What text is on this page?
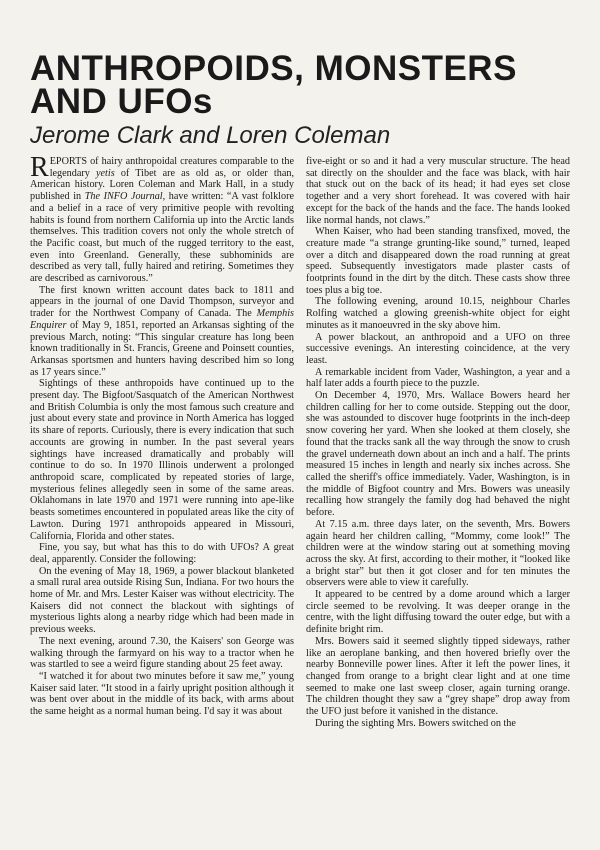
ANTHROPOIDS, MONSTERS
AND UFOs
Jerome Clark and Loren Coleman

REPORTS of hairy anthropoidal creatures comparable to the legendary yetis of Tibet are as old as, or older than, American history. Loren Coleman and Mark Hall, in a study published in The INFO Journal, have written: “A vast folklore and a belief in a race of very primitive people with revolting habits is found from northern California up into the Arctic lands themselves. This tradition covers not only the whole stretch of the Pacific coast, but much of the rugged territory to the east, even into Greenland. Generally, these subhominids are described as very tall, fully haired and retiring. Sometimes they are described as carnivorous.”

The first known written account dates back to 1811 and appears in the journal of one David Thompson, surveyor and trader for the Northwest Company of Canada. The Memphis Enquirer of May 9, 1851, reported an Arkansas sighting of the previous March, noting: “This singular creature has long been known traditionally in St. Francis, Greene and Poinsett counties, Arkansas sportsmen and hunters having described him so long as 17 years since.”

Sightings of these anthropoids have continued up to the present day. The Bigfoot/Sasquatch of the American Northwest and British Columbia is only the most famous such creature and just about every state and province in North America has logged its share of reports. Curiously, there is every indication that such accounts are growing in number. In the past several years sightings have increased dramatically and probably will continue to do so. In 1970 Illinois underwent a prolonged anthropoid scare, complicated by repeated stories of large, mysterious felines allegedly seen in some of the same areas. Oklahomans in late 1970 and 1971 were running into ape-like beasts sometimes encountered in populated areas like the city of Lawton. During 1971 anthropoids appeared in Missouri, California, Florida and other states.

Fine, you say, but what has this to do with UFOs? A great deal, apparently. Consider the following:

On the evening of May 18, 1969, a power blackout blanketed a small rural area outside Rising Sun, Indiana. For two hours the home of Mr. and Mrs. Lester Kaiser was without electricity. The Kaisers did not connect the blackout with sightings of mysterious lights along a nearby ridge which had been made in previous weeks.

The next evening, around 7.30, the Kaisers' son George was walking through the farmyard on his way to a tractor when he was startled to see a weird figure standing about 25 feet away.

“I watched it for about two minutes before it saw me,” young Kaiser said later. “It stood in a fairly upright position although it was bent over about in the middle of its back, with arms about the same height as a normal human being. I'd say it was about

five-eight or so and it had a very muscular structure. The head sat directly on the shoulder and the face was black, with hair that stuck out on the back of its head; it had eyes set close together and a very short forehead. It was covered with hair except for the back of the hands and the face. The hands looked like normal hands, not claws.”

When Kaiser, who had been standing transfixed, moved, the creature made “a strange grunting-like sound,” turned, leaped over a ditch and disappeared down the road running at great speed. Subsequently investigators made plaster casts of footprints found in the dirt by the ditch. These casts show three toes plus a big toe.

The following evening, around 10.15, neighbour Charles Rolfing watched a glowing greenish-white object for eight minutes as it manoeuvred in the sky above him.

A power blackout, an anthropoid and a UFO on three successive evenings. An interesting coincidence, at the very least.

A remarkable incident from Vader, Washington, a year and a half later adds a fourth piece to the puzzle.

On December 4, 1970, Mrs. Wallace Bowers heard her children calling for her to come outside. Stepping out the door, she was astounded to discover huge footprints in the inch-deep snow covering her yard. When she looked at them closely, she found that the tracks sank all the way through the snow to crush the gravel underneath down about an inch and a half. The prints measured 15 inches in length and nearly six inches across. She called the sheriff's office immediately. Vader, Washington, is in the middle of Bigfoot country and Mrs. Bowers was uneasily recalling how strangely the family dog had behaved the night before.

At 7.15 a.m. three days later, on the seventh, Mrs. Bowers again heard her children calling, “Mommy, come look!” The children were at the window staring out at something moving across the sky. At first, according to their mother, it “looked like a bright star” but then it got closer and for ten minutes the observers were able to view it carefully.

It appeared to be centred by a dome around which a larger circle seemed to be revolving. It was deeper orange in the centre, with the light diffusing toward the outer edge, but with a definite bright rim.

Mrs. Bowers said it seemed slightly tipped sideways, rather like an aeroplane banking, and then hovered briefly over the nearby Bonneville power lines. After it left the power lines, it changed from orange to a bright clear light and at one time seemed to make one last sweep closer, again turning orange. The children thought they saw a “grey shape” drop away from the UFO just before it vanished in the distance.

During the sighting Mrs. Bowers switched on the
